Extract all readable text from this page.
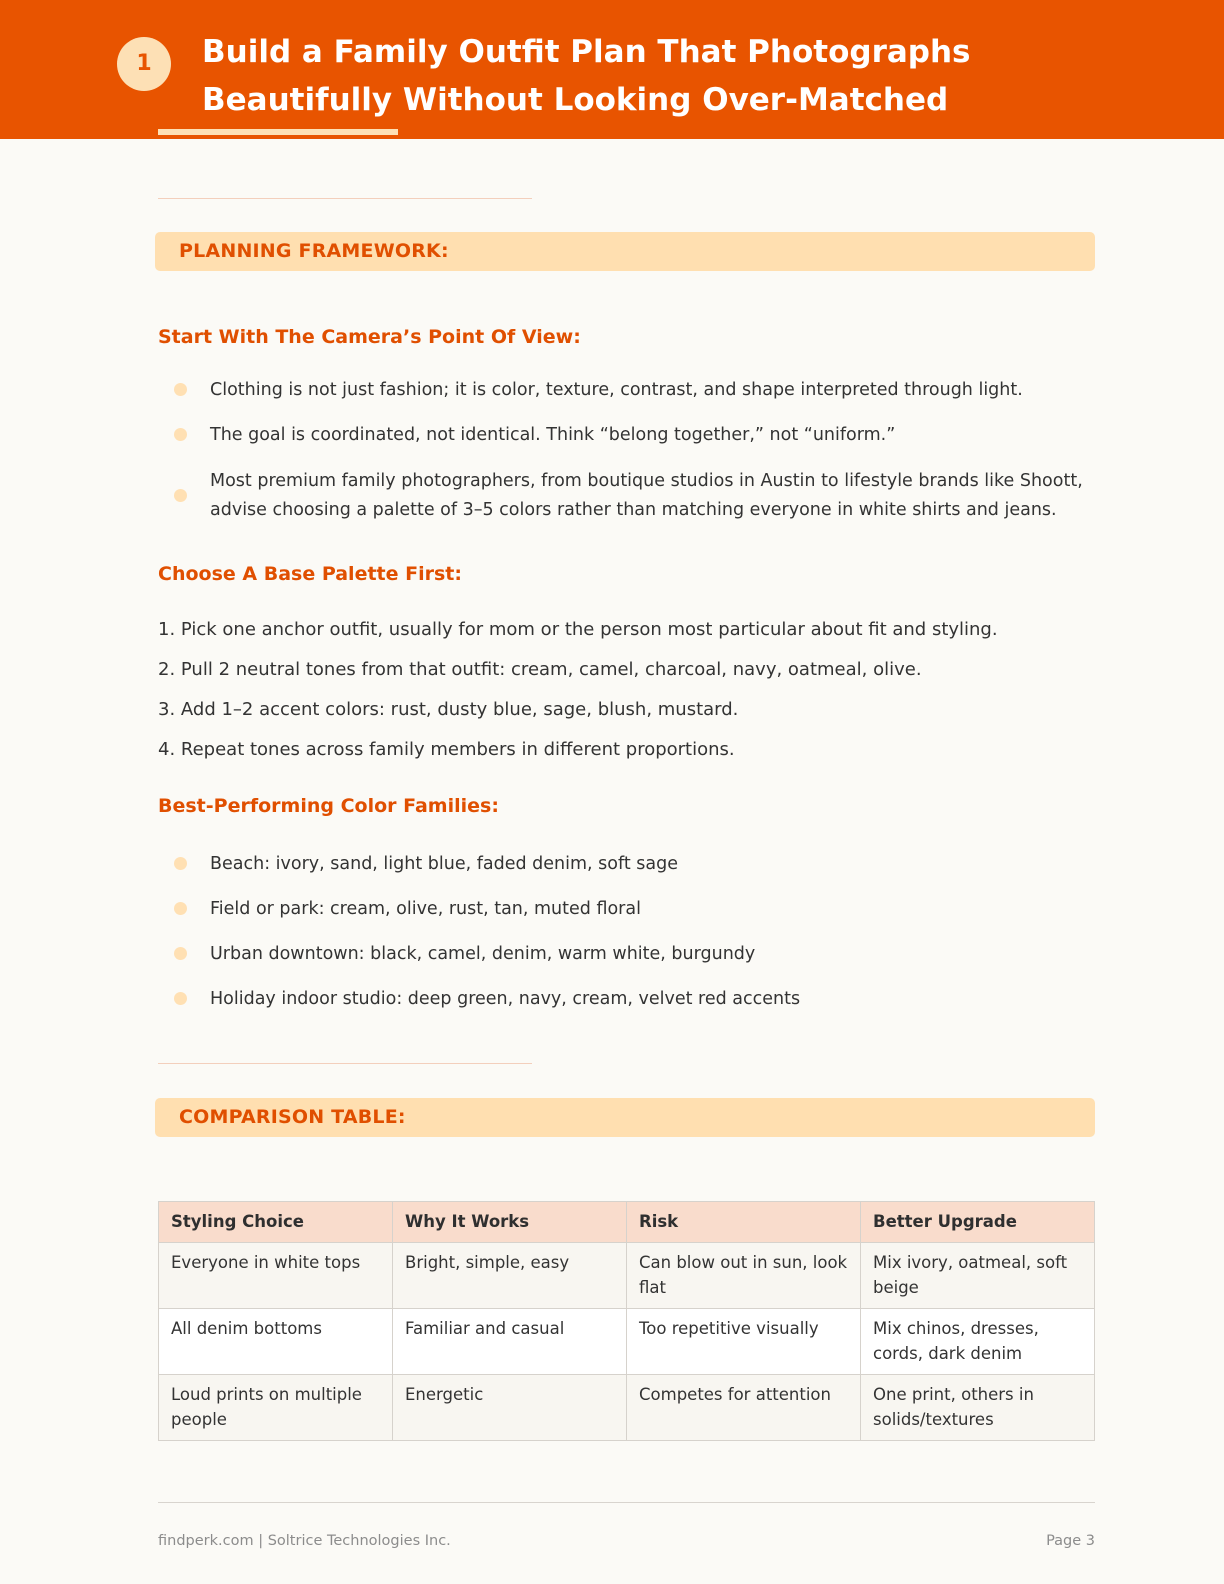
1	Build a Family Outfit Plan That Photographs Beautifully Without Looking Over-Matched
PLANNING FRAMEWORK:
Start With The Camera’s Point Of View:
Clothing is not just fashion; it is color, texture, contrast, and shape interpreted through light.
The goal is coordinated, not identical. Think “belong together,” not “uniform.”
Most premium family photographers, from boutique studios in Austin to lifestyle brands like Shoott, advise choosing a palette of 3–5 colors rather than matching everyone in white shirts and jeans.
Choose A Base Palette First:
1. Pick one anchor outfit, usually for mom or the person most particular about fit and styling.
2. Pull 2 neutral tones from that outfit: cream, camel, charcoal, navy, oatmeal, olive.
3. Add 1–2 accent colors: rust, dusty blue, sage, blush, mustard.
4. Repeat tones across family members in different proportions.
Best-Performing Color Families:
Beach: ivory, sand, light blue, faded denim, soft sage
Field or park: cream, olive, rust, tan, muted floral
Urban downtown: black, camel, denim, warm white, burgundy
Holiday indoor studio: deep green, navy, cream, velvet red accents
COMPARISON TABLE:
Styling Choice	Why It Works	Risk	Better Upgrade
Everyone in white tops	Bright, simple, easy	Can blow out in sun, look flat	Mix ivory, oatmeal, soft beige
All denim bottoms	Familiar and casual	Too repetitive visually	Mix chinos, dresses, cords, dark denim
Loud prints on multiple people	Energetic	Competes for attention	One print, others in solids/textures
findperk.com | Soltrice Technologies Inc.	Page 3
